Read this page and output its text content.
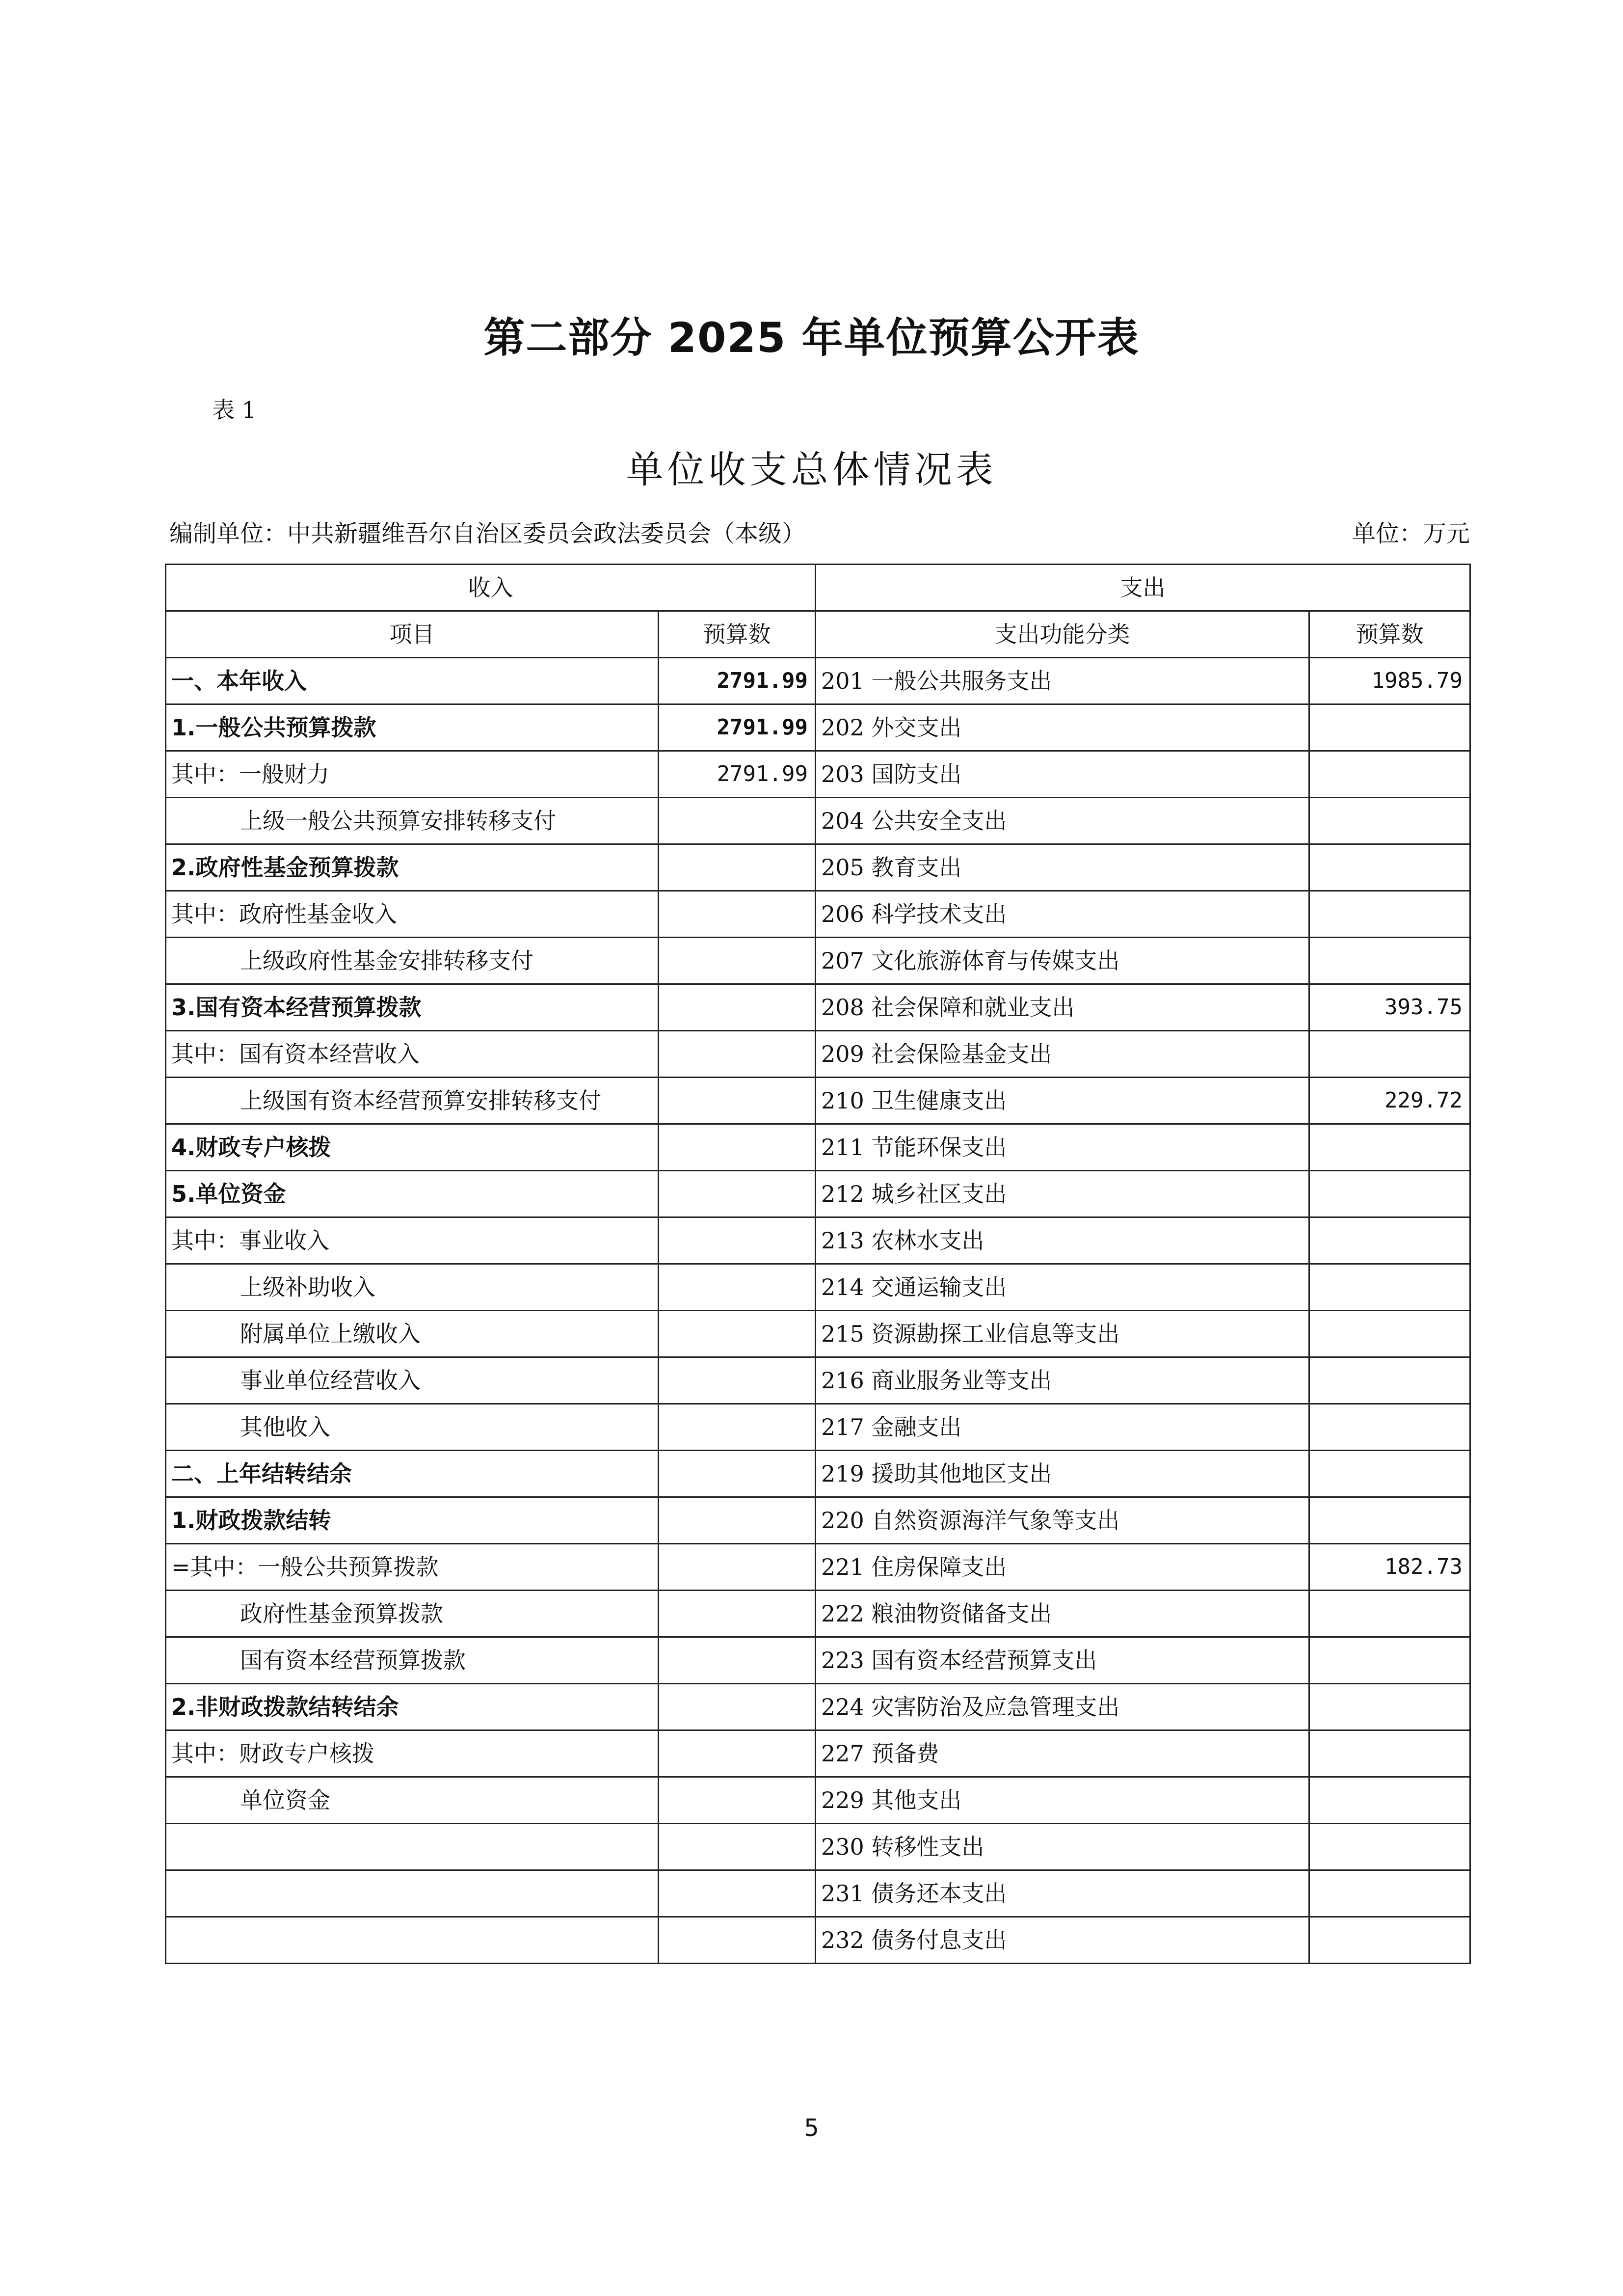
第二部分 2025 年单位预算公开表
表 1
单位收支总体情况表
编制单位：中共新疆维吾尔自治区委员会政法委员会（本级）	单位：万元
收入		支出	
项目	预算数	支出功能分类	预算数
一、本年收入	2791.99	201 一般公共服务支出	1985.79
1.一般公共预算拨款	2791.99	202 外交支出	
其中：一般财力	2791.99	203 国防支出	
上级一般公共预算安排转移支付		204 公共安全支出	
2.政府性基金预算拨款		205 教育支出	
其中：政府性基金收入		206 科学技术支出	
上级政府性基金安排转移支付		207 文化旅游体育与传媒支出	
3.国有资本经营预算拨款		208 社会保障和就业支出	393.75
其中：国有资本经营收入		209 社会保险基金支出	
上级国有资本经营预算安排转移支付		210 卫生健康支出	229.72
4.财政专户核拨		211 节能环保支出	
5.单位资金		212 城乡社区支出	
其中：事业收入		213 农林水支出	
上级补助收入		214 交通运输支出	
附属单位上缴收入		215 资源勘探工业信息等支出	
事业单位经营收入		216 商业服务业等支出	
其他收入		217 金融支出	
二、上年结转结余		219 援助其他地区支出	
1.财政拨款结转		220 自然资源海洋气象等支出	
=其中：一般公共预算拨款		221 住房保障支出	182.73
政府性基金预算拨款		222 粮油物资储备支出	
国有资本经营预算拨款		223 国有资本经营预算支出	
2.非财政拨款结转结余		224 灾害防治及应急管理支出	
其中：财政专户核拨		227 预备费	
单位资金		229 其他支出	
		230 转移性支出	
		231 债务还本支出	
		232 债务付息支出	
5
